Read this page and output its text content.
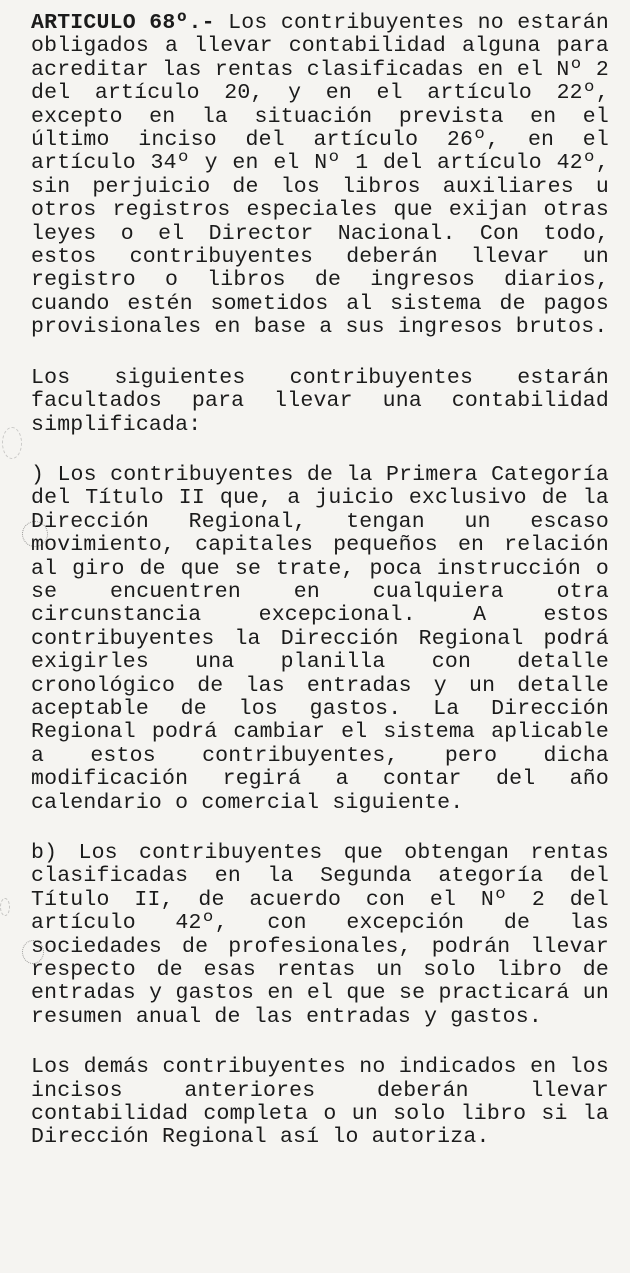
ARTICULO 68º.- Los contribuyentes no estarán obligados a llevar contabilidad alguna para acreditar las rentas clasificadas en el Nº 2 del artículo 20, y en el artículo 22º, excepto en la situación prevista en el último inciso del artículo 26º, en el artículo 34º y en el Nº 1 del artículo 42º, sin perjuicio de los libros auxiliares u otros registros especiales que exijan otras leyes o el Director Nacional. Con todo, estos contribuyentes deberán llevar un registro o libros de ingresos diarios, cuando estén sometidos al sistema de pagos provisionales en base a sus ingresos brutos.

Los siguientes contribuyentes estarán facultados para llevar una contabilidad simplificada:

) Los contribuyentes de la Primera Categoría del Título II que, a juicio exclusivo de la Dirección Regional, tengan un escaso movimiento, capitales pequeños en relación al giro de que se trate, poca instrucción o se encuentren en cualquiera otra circunstancia excepcional. A estos contribuyentes la Dirección Regional podrá exigirles una planilla con detalle cronológico de las entradas y un detalle aceptable de los gastos. La Dirección Regional podrá cambiar el sistema aplicable a estos contribuyentes, pero dicha modificación regirá a contar del año calendario o comercial siguiente.

b) Los contribuyentes que obtengan rentas clasificadas en la Segunda ategoría del Título II, de acuerdo con el Nº 2 del artículo 42º, con excepción de las sociedades de profesionales, podrán llevar respecto de esas rentas un solo libro de entradas y gastos en el que se practicará un resumen anual de las entradas y gastos.

Los demás contribuyentes no indicados en los incisos anteriores deberán llevar contabilidad completa o un solo libro si la Dirección Regional así lo autoriza.
